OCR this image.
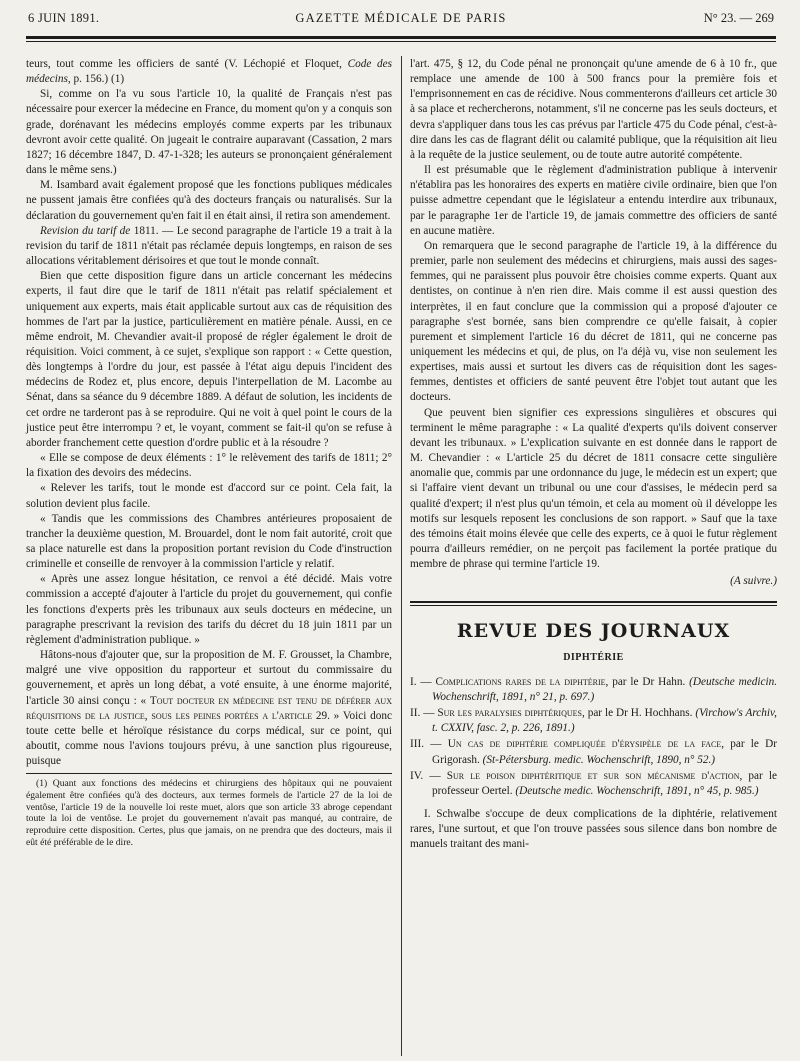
6 JUIN 1891.	GAZETTE MÉDICALE DE PARIS	N° 23. — 269

teurs, tout comme les officiers de santé (V. Léchopié et Floquet, Code des médecins, p. 156.) (1)

Si, comme on l'a vu sous l'article 10, la qualité de Français n'est pas nécessaire pour exercer la médecine en France, du moment qu'on y a conquis son grade, dorénavant les médecins employés comme experts par les tribunaux devront avoir cette qualité. On jugeait le contraire auparavant (Cassation, 2 mars 1827; 16 décembre 1847, D. 47-1-328; les auteurs se prononçaient généralement dans le même sens.)

M. Isambard avait également proposé que les fonctions publiques médicales ne pussent jamais être confiées qu'à des docteurs français ou naturalisés. Sur la déclaration du gouvernement qu'en fait il en était ainsi, il retira son amendement.

Revision du tarif de 1811. — Le second paragraphe de l'article 19 a trait à la revision du tarif de 1811 n'était pas réclamée depuis longtemps, en raison de ses allocations véritablement dérisoires et que tout le monde connaît.

Bien que cette disposition figure dans un article concernant les médecins experts, il faut dire que le tarif de 1811 n'était pas relatif spécialement et uniquement aux experts, mais était applicable surtout aux cas de réquisition des hommes de l'art par la justice, particulièrement en matière pénale. Aussi, en ce même endroit, M. Chevandier avait-il proposé de régler également le droit de réquisition. Voici comment, à ce sujet, s'explique son rapport : « Cette question, dès longtemps à l'ordre du jour, est passée à l'état aigu depuis l'incident des médecins de Rodez et, plus encore, depuis l'interpellation de M. Lacombe au Sénat, dans sa séance du 9 décembre 1889. A défaut de solution, les incidents de cet ordre ne tarderont pas à se reproduire. Qui ne voit à quel point le cours de la justice peut être interrompu ? et, le voyant, comment se fait-il qu'on se refuse à aborder franchement cette question d'ordre public et à la résoudre ?

« Elle se compose de deux éléments : 1° le relèvement des tarifs de 1811; 2° la fixation des devoirs des médecins.

« Relever les tarifs, tout le monde est d'accord sur ce point. Cela fait, la solution devient plus facile.

« Tandis que les commissions des Chambres antérieures proposaient de trancher la deuxième question, M. Brouardel, dont le nom fait autorité, croit que sa place naturelle est dans la proposition portant revision du Code d'instruction criminelle et conseille de renvoyer à la commission l'article y relatif.

« Après une assez longue hésitation, ce renvoi a été décidé. Mais votre commission a accepté d'ajouter à l'article du projet du gouvernement, qui confie les fonctions d'experts près les tribunaux aux seuls docteurs en médecine, un paragraphe prescrivant la revision des tarifs du décret du 18 juin 1811 par un règlement d'administration publique. »

Hâtons-nous d'ajouter que, sur la proposition de M. F. Grousset, la Chambre, malgré une vive opposition du rapporteur et surtout du commissaire du gouvernement, et après un long débat, a voté ensuite, à une énorme majorité, l'article 30 ainsi conçu : « Tout docteur en médecine est tenu de déférer aux réquisitions de la justice, sous les peines portées a l'article 29. » Voici donc toute cette belle et héroïque résistance du corps médical, sur ce point, qui aboutit, comme nous l'avions toujours prévu, à une sanction plus rigoureuse, puisque

(1) Quant aux fonctions des médecins et chirurgiens des hôpitaux qui ne pouvaient également être confiées qu'à des docteurs, aux termes formels de l'article 27 de la loi de ventôse, l'article 19 de la nouvelle loi reste muet, alors que son article 33 abroge cependant toute la loi de ventôse. Le projet du gouvernement n'avait pas manqué, au contraire, de reproduire cette disposition. Certes, plus que jamais, on ne prendra que des docteurs, mais il eût été préférable de le dire.

l'art. 475, § 12, du Code pénal ne prononçait qu'une amende de 6 à 10 fr., que remplace une amende de 100 à 500 francs pour la première fois et l'emprisonnement en cas de récidive. Nous commenterons d'ailleurs cet article 30 à sa place et rechercherons, notamment, s'il ne concerne pas les seuls docteurs, et devra s'appliquer dans tous les cas prévus par l'article 475 du Code pénal, c'est-à-dire dans les cas de flagrant délit ou calamité publique, que la réquisition ait lieu à la requête de la justice seulement, ou de toute autre autorité compétente.

Il est présumable que le règlement d'administration publique à intervenir n'établira pas les honoraires des experts en matière civile ordinaire, bien que l'on puisse admettre cependant que le législateur a entendu interdire aux tribunaux, par le paragraphe 1er de l'article 19, de jamais commettre des officiers de santé en aucune matière.

On remarquera que le second paragraphe de l'article 19, à la différence du premier, parle non seulement des médecins et chirurgiens, mais aussi des sages-femmes, qui ne paraissent plus pouvoir être choisies comme experts. Quant aux dentistes, on continue à n'en rien dire. Mais comme il est aussi question des interprètes, il en faut conclure que la commission qui a proposé d'ajouter ce paragraphe s'est bornée, sans bien comprendre ce qu'elle faisait, à copier purement et simplement l'article 16 du décret de 1811, qui ne concerne pas uniquement les médecins et qui, de plus, on l'a déjà vu, vise non seulement les expertises, mais aussi et surtout les divers cas de réquisition dont les sages-femmes, dentistes et officiers de santé peuvent être l'objet tout autant que les docteurs.

Que peuvent bien signifier ces expressions singulières et obscures qui terminent le même paragraphe : « La qualité d'experts qu'ils doivent conserver devant les tribunaux. » L'explication suivante en est donnée dans le rapport de M. Chevandier : « L'article 25 du décret de 1811 consacre cette singulière anomalie que, commis par une ordonnance du juge, le médecin est un expert; que si l'affaire vient devant un tribunal ou une cour d'assises, le médecin perd sa qualité d'expert; il n'est plus qu'un témoin, et cela au moment où il développe les motifs sur lesquels reposent les conclusions de son rapport. » Sauf que la taxe des témoins était moins élevée que celle des experts, ce à quoi le futur règlement pourra d'ailleurs remédier, on ne perçoit pas facilement la portée pratique du membre de phrase qui termine l'article 19.

(A suivre.)
REVUE DES JOURNAUX
DIPHTÉRIE

I. — Complications rares de la diphtérie, par le Dr Hahn. (Deutsche medicin. Wochenschrift, 1891, n° 21, p. 697.)

II. — Sur les paralysies diphtériques, par le Dr H. Hochhans. (Virchow's Archiv, t. CXXIV, fasc. 2, p. 226, 1891.)

III. — Un cas de diphtérie compliquée d'érysipèle de la face, par le Dr Grigorash. (St-Pétersburg. medic. Wochenschrift, 1890, n° 52.)

IV. — Sur le poison diphtéritique et sur son mécanisme d'action, par le professeur Oertel. (Deutsche medic. Wochenschrift, 1891, n° 45, p. 985.)

I. Schwalbe s'occupe de deux complications de la diphtérie, relativement rares, l'une surtout, et que l'on trouve passées sous silence dans bon nombre de manuels traitant des mani-
